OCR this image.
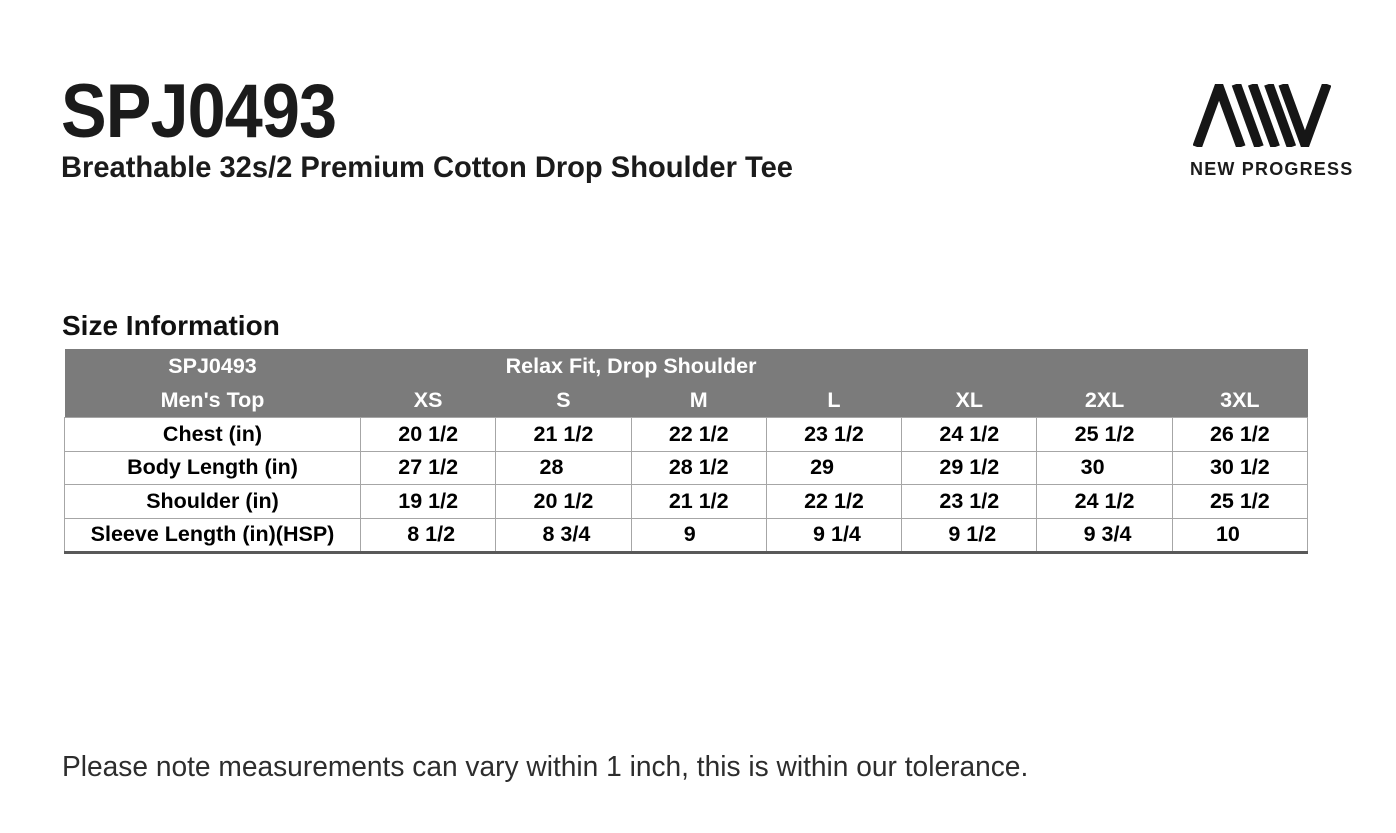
SPJ0493
Breathable 32s/2 Premium Cotton Drop Shoulder Tee	NEW PROGRESS
Size Information
SPJ0493	Relax Fit, Drop Shoulder						
Men's Top	XS	S	M	L	XL	2XL	3XL
Chest (in)	20 1/2	21 1/2	22 1/2	23 1/2	24 1/2	25 1/2	26 1/2
Body Length (in)	27 1/2	28	28 1/2	29	29 1/2	30	30 1/2
Shoulder (in)	19 1/2	20 1/2	21 1/2	22 1/2	23 1/2	24 1/2	25 1/2
Sleeve Length (in)(HSP)	8 1/2	8 3/4	9	9 1/4	9 1/2	9 3/4	10
Please note measurements can vary within 1 inch, this is within our tolerance.
